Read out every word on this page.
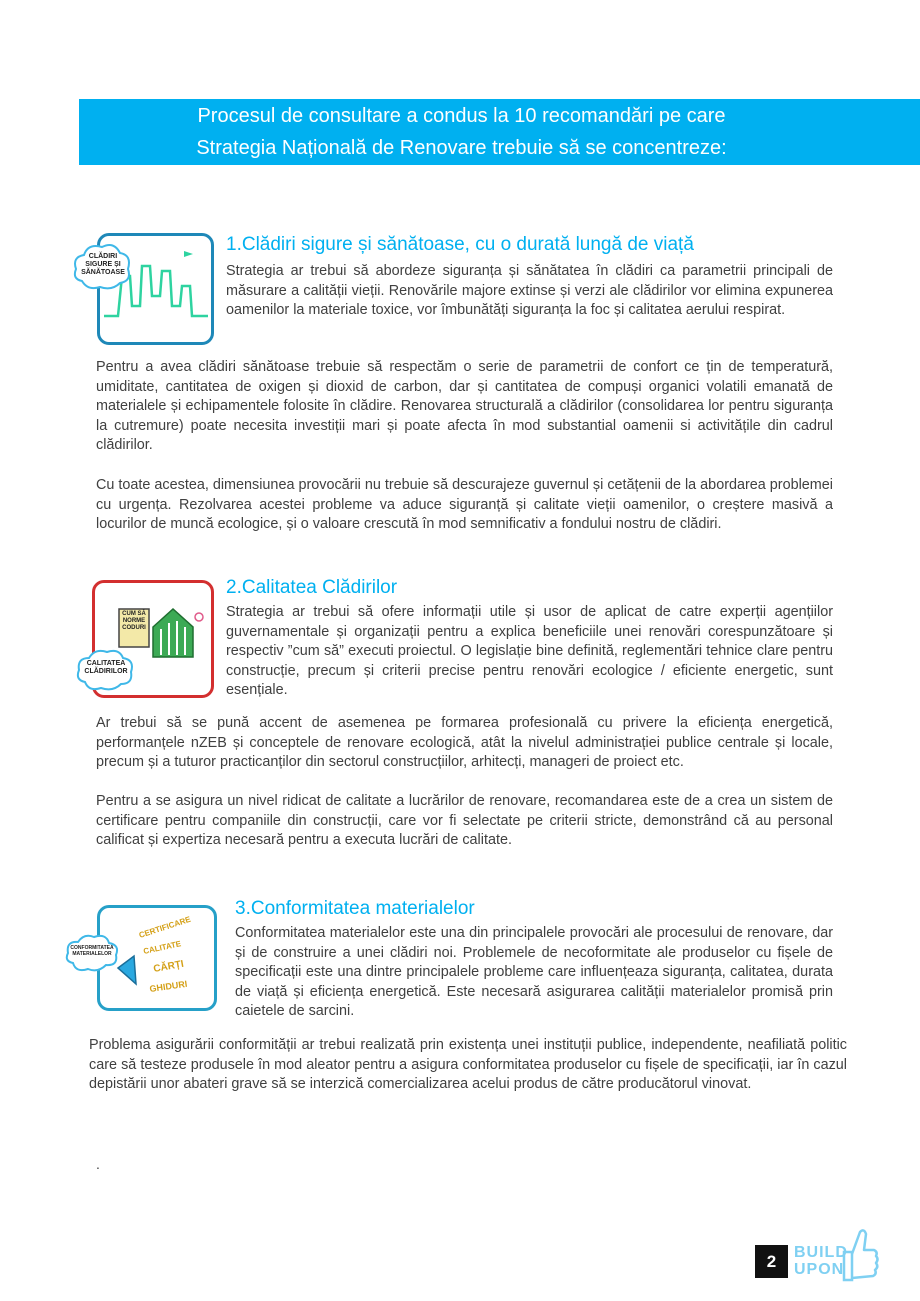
Procesul de consultare a condus la 10 recomandări pe care
Strategia Națională de Renovare trebuie să se concentreze:
CLĂDIRI SIGURE ȘI SĂNĂTOASE
1.Clădiri sigure și sănătoase, cu o durată lungă de viață
Strategia ar trebui să abordeze siguranța și sănătatea în clădiri ca parametrii principali de măsurare a calității vieții. Renovările majore extinse și verzi ale clădirilor vor elimina expunerea oamenilor la materiale toxice, vor îmbunătăți siguranța la foc și calitatea aerului respirat.
Pentru a avea clădiri sănătoase trebuie să respectăm o serie de parametrii de confort ce țin de temperatură, umiditate, cantitatea de oxigen și dioxid de carbon, dar și cantitatea de compuși organici volatili emanată de materialele și echipamentele folosite în clădire. Renovarea structurală a clădirilor (consolidarea lor pentru siguranța la cutremure) poate necesita investiții mari și poate afecta în mod substantial oamenii si activitățile din cadrul clădirilor.
Cu toate acestea, dimensiunea provocării nu trebuie să descurajeze guvernul și cetățenii de la abordarea problemei cu urgența. Rezolvarea acestei probleme va aduce siguranță și calitate vieții oamenilor, o creștere masivă a locurilor de muncă ecologice, și o valoare crescută în mod semnificativ a fondului nostru de clădiri.
CUM SĂ NORME CODURI
CALITATEA CLĂDIRILOR
2.Calitatea Clădirilor
Strategia ar trebui să ofere informații utile și usor de aplicat de catre experții agențiilor guvernamentale și organizații pentru a explica beneficiile unei renovări corespunzătoare și respectiv ”cum să” executi proiectul. O legislație bine definită, reglementări tehnice clare pentru construcție, precum și criterii precise pentru renovări ecologice / eficiente energetic, sunt esențiale.
Ar trebui să se pună accent de asemenea pe formarea profesională cu privere la eficiența energetică, performanțele nZEB și conceptele de renovare ecologică, atât la nivelul administrației publice centrale și locale, precum și a tuturor practicanților din sectorul construcțiilor, arhitecți, manageri de proiect etc.
Pentru a se asigura un nivel ridicat de calitate a lucrărilor de renovare, recomandarea este de a crea un sistem de certificare pentru companiile din construcții, care vor fi selectate pe criterii stricte, demonstrând că au personal calificat și expertiza necesară pentru a executa lucrări de calitate.
CERTIFICARE
CALITATE
CĂRȚI
GHIDURI
CONFORMITATEA MATERIALELOR
3.Conformitatea materialelor
Conformitatea materialelor este una din principalele provocări ale procesului de renovare, dar și de construire a unei clădiri noi. Problemele de necoformitate ale produselor cu fișele de specificații este una dintre principalele probleme care influențeaza siguranța, calitatea, durata de viață și eficiența energetică. Este necesară asigurarea calității materialelor promisă prin caietele de sarcini.
Problema asigurării conformității ar trebui realizată prin existența unei instituții publice, independente, neafiliată politic care să testeze produsele în mod aleator pentru a asigura conformitatea produselor cu fișele de specificații, iar în cazul depistării unor abateri grave să se interzică comercializarea acelui produs de către producătorul vinovat.
.
2	BUILD
UPON
